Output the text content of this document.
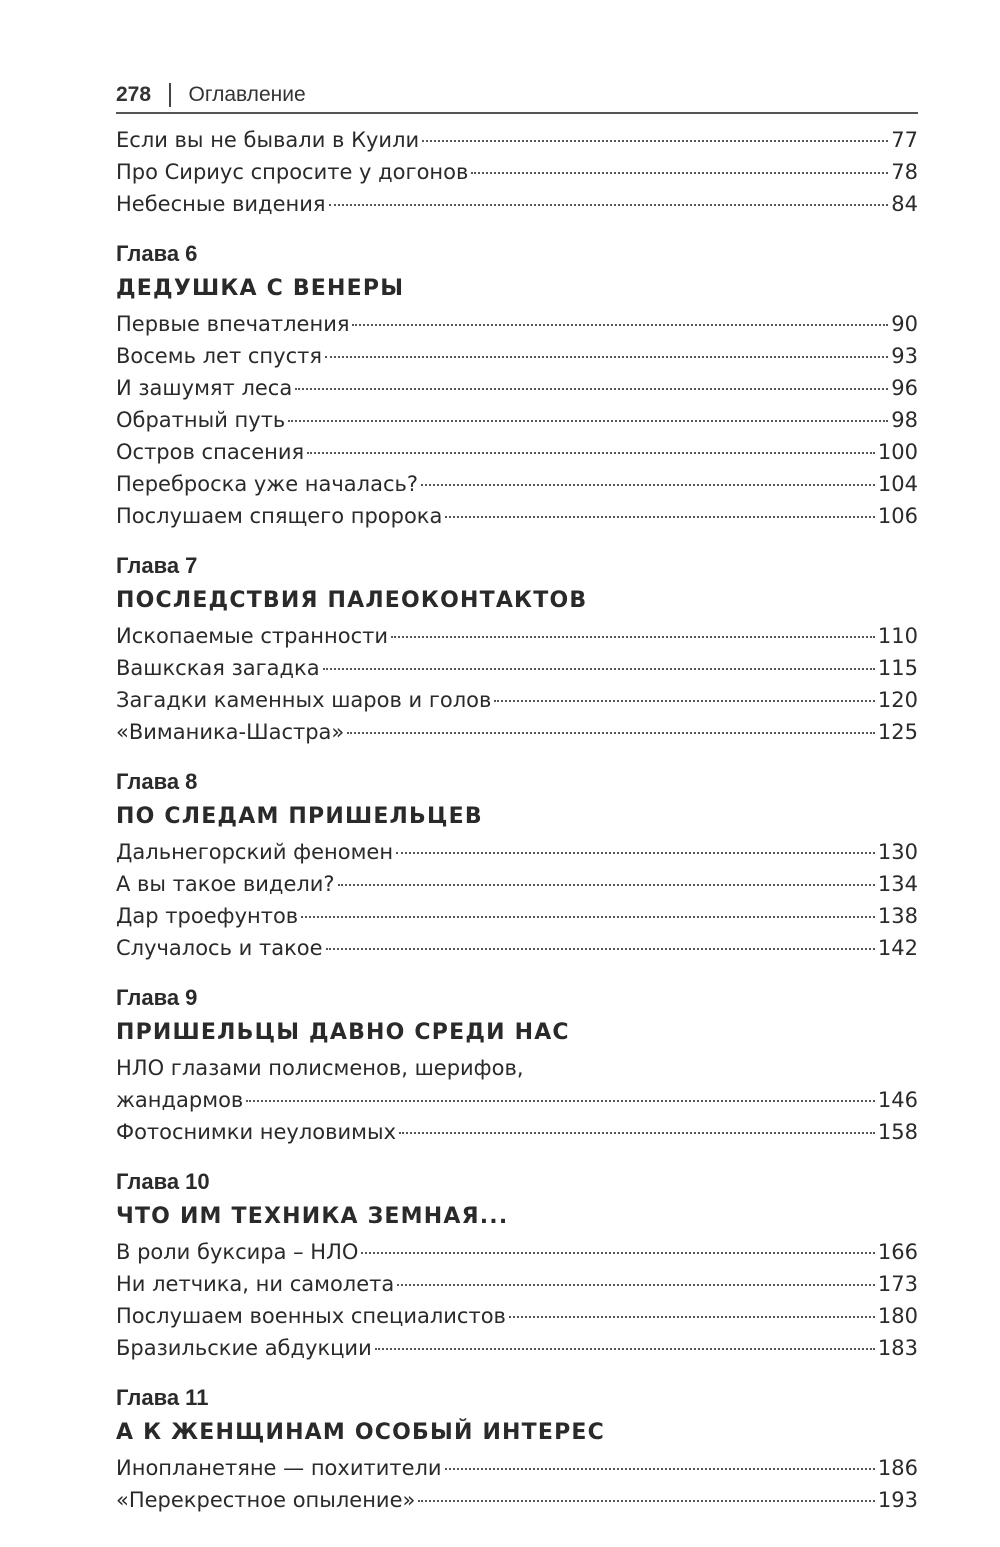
278 Оглавление
Если вы не бывали в Куили	77
Про Сириус спросите у догонов	78
Небесные видения	84
Глава 6
ДЕДУШКА С ВЕНЕРЫ
Первые впечатления	90
Восемь лет спустя	93
И зашумят леса	96
Обратный путь	98
Остров спасения	100
Переброска уже началась?	104
Послушаем спящего пророка	106
Глава 7
ПОСЛЕДСТВИЯ ПАЛЕОКОНТАКТОВ
Ископаемые странности	110
Вашкская загадка	115
Загадки каменных шаров и голов	120
«Виманика-Шастра»	125
Глава 8
ПО СЛЕДАМ ПРИШЕЛЬЦЕВ
Дальнегорский феномен	130
А вы такое видели?	134
Дар троефунтов	138
Случалось и такое	142
Глава 9
ПРИШЕЛЬЦЫ ДАВНО СРЕДИ НАС
НЛО глазами полисменов, шерифов,
жандармов	146
Фотоснимки неуловимых	158
Глава 10
ЧТО ИМ ТЕХНИКА ЗЕМНАЯ...
В роли буксира – НЛО	166
Ни летчика, ни самолета	173
Послушаем военных специалистов	180
Бразильские абдукции	183
Глава 11
А К ЖЕНЩИНАМ ОСОБЫЙ ИНТЕРЕС
Инопланетяне — похитители	186
«Перекрестное опыление»	193
